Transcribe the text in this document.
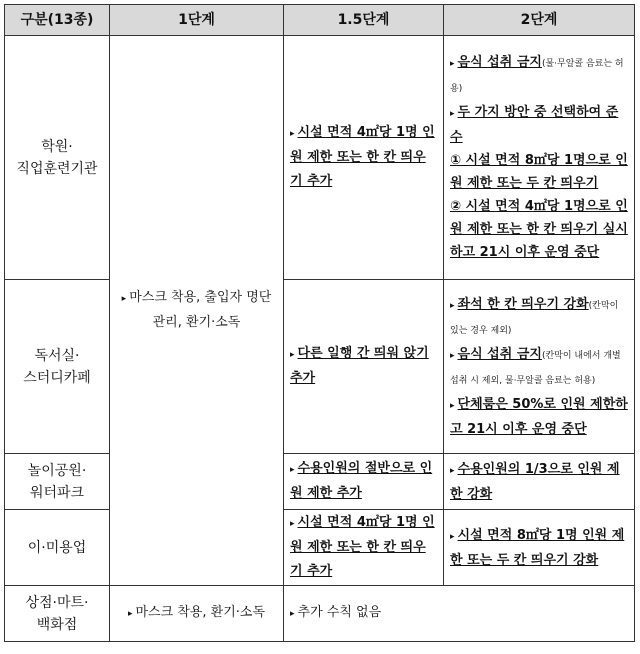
구분(13종)	1단계	1.5단계	2단계

학원·
직업훈련기관	▸ 마스크 착용, 출입자 명단 관리, 환기·소독	▸ 시설 면적 4㎡당 1명 인원 제한 또는 한 칸 띄우기 추가	▸ 음식 섭취 금지(물·무알콜 음료는 허용)
▸ 두 가지 방안 중 선택하여 준수
① 시설 면적 8㎡당 1명으로 인원 제한 또는 두 칸 띄우기
② 시설 면적 4㎡당 1명으로 인원 제한 또는 한 칸 띄우기 실시하고 21시 이후 운영 중단

독서실·
스터디카페		▸ 다른 일행 간 띄워 앉기 추가	▸ 좌석 한 칸 띄우기 강화(칸막이 있는 경우 제외)
▸ 음식 섭취 금지(칸막이 내에서 개별 섭취 시 제외, 물·무알콜 음료는 허용)
▸ 단체룸은 50%로 인원 제한하고 21시 이후 운영 중단

놀이공원·
워터파크		▸ 수용인원의 절반으로 인원 제한 추가	▸ 수용인원의 1/3으로 인원 제한 강화

이·미용업		▸ 시설 면적 4㎡당 1명 인원 제한 또는 한 칸 띄우기 추가	▸ 시설 면적 8㎡당 1명 인원 제한 또는 두 칸 띄우기 강화

상점·마트·
백화점	▸ 마스크 착용, 환기·소독	▸ 추가 수칙 없음	
